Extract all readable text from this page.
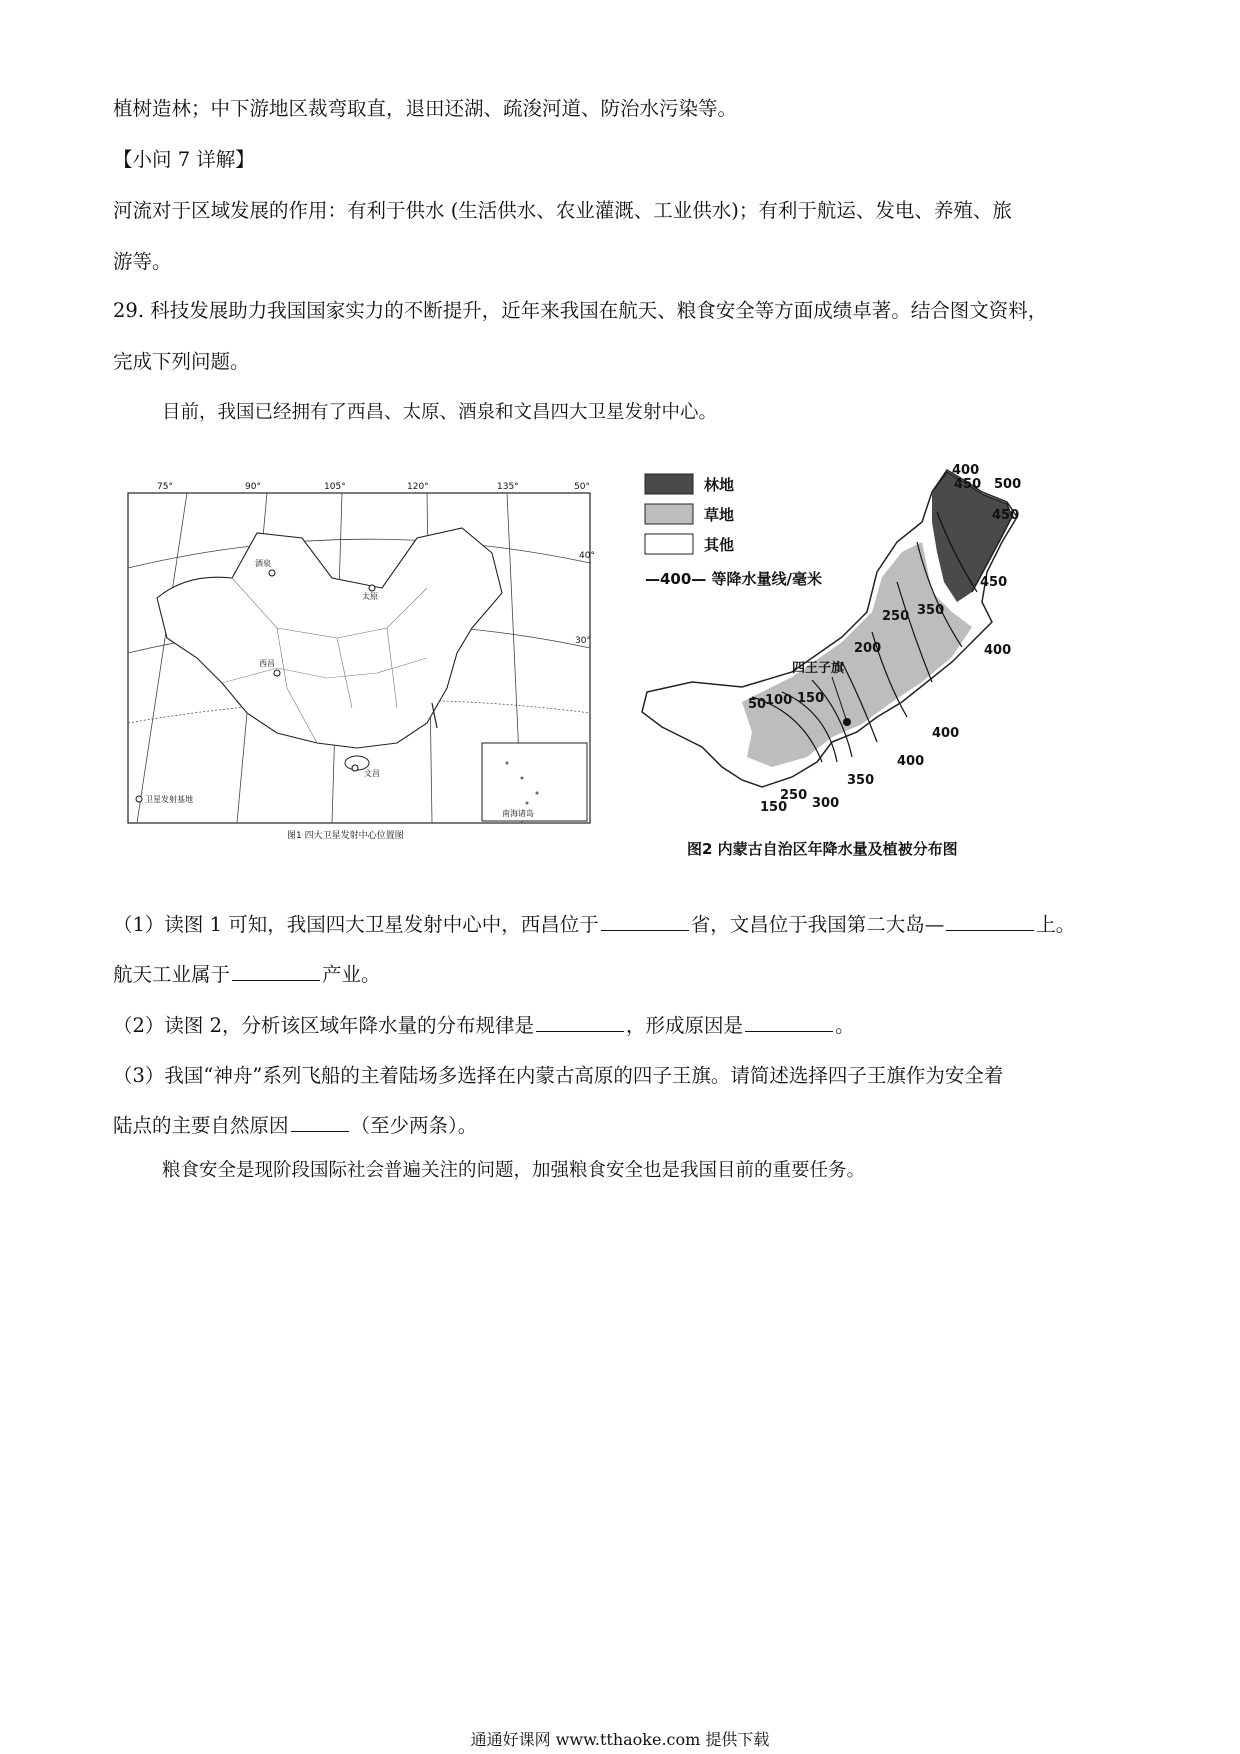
植树造林；中下游地区裁弯取直，退田还湖、疏浚河道、防治水污染等。
【小问 7 详解】
河流对于区域发展的作用：有利于供水 (生活供水、农业灌溉、工业供水)；有利于航运、发电、养殖、旅
游等。
29. 科技发展助力我国国家实力的不断提升，近年来我国在航天、粮食安全等方面成绩卓著。结合图文资料，
完成下列问题。
目前，我国已经拥有了西昌、太原、酒泉和文昌四大卫星发射中心。
75°	90°	105°	120°	135°	50°
40°
30°
酒泉
太原
西昌
文昌
南海诸岛
卫星发射基地
图1 四大卫星发射中心位置图
林地
草地
其他
—400— 等降水量线/毫米
四王子旗
400
450 500
450
450
350
250
400
200
150
100
50
400
400
350
300
250
150
图2 内蒙古自治区年降水量及植被分布图
（1）读图 1 可知，我国四大卫星发射中心中，西昌位于	省，文昌位于我国第二大岛—	上。
航天工业属于	产业。
（2）读图 2，分析该区域年降水量的分布规律是	，形成原因是	。
（3）我国“神舟”系列飞船的主着陆场多选择在内蒙古高原的四子王旗。请简述选择四子王旗作为安全着
陆点的主要自然原因	（至少两条）。
粮食安全是现阶段国际社会普遍关注的问题，加强粮食安全也是我国目前的重要任务。
通通好课网 www.tthaoke.com 提供下载
